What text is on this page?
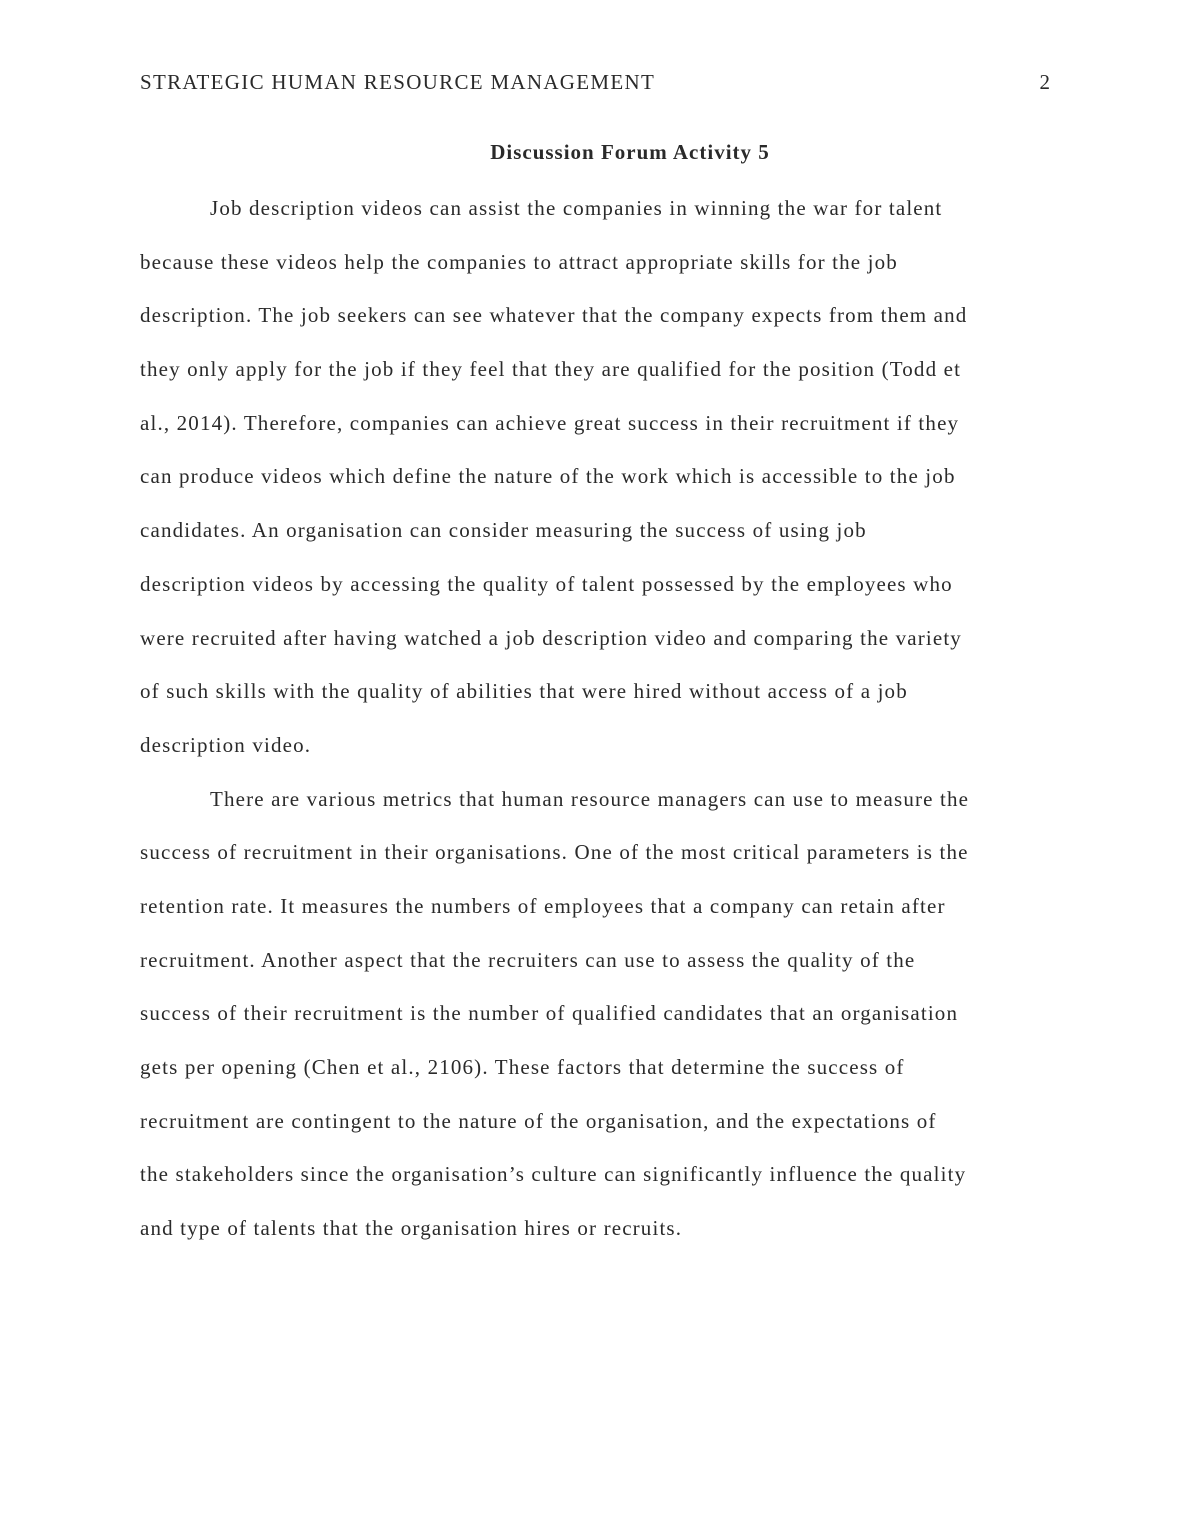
STRATEGIC HUMAN RESOURCE MANAGEMENT	2
Discussion Forum Activity 5
Job description videos can assist the companies in winning the war for talent
because these videos help the companies to attract appropriate skills for the job
description. The job seekers can see whatever that the company expects from them and
they only apply for the job if they feel that they are qualified for the position (Todd et
al., 2014). Therefore, companies can achieve great success in their recruitment if they
can produce videos which define the nature of the work which is accessible to the job
candidates. An organisation can consider measuring the success of using job
description videos by accessing the quality of talent possessed by the employees who
were recruited after having watched a job description video and comparing the variety
of such skills with the quality of abilities that were hired without access of a job
description video.
There are various metrics that human resource managers can use to measure the
success of recruitment in their organisations. One of the most critical parameters is the
retention rate. It measures the numbers of employees that a company can retain after
recruitment. Another aspect that the recruiters can use to assess the quality of the
success of their recruitment is the number of qualified candidates that an organisation
gets per opening (Chen et al., 2106). These factors that determine the success of
recruitment are contingent to the nature of the organisation, and the expectations of
the stakeholders since the organisation’s culture can significantly influence the quality
and type of talents that the organisation hires or recruits.
